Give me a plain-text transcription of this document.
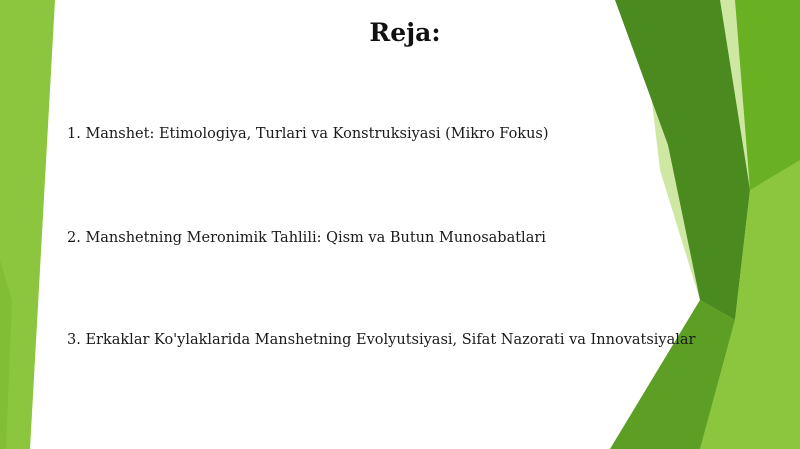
Reja:
1. Manshet: Etimologiya, Turlari va Konstruksiyasi (Mikro Fokus)
2. Manshetning Meronimik Tahlili: Qism va Butun Munosabatlari
3. Erkaklar Ko'ylaklarida Manshetning Evolyutsiyasi, Sifat Nazorati va Innovatsiyalar
